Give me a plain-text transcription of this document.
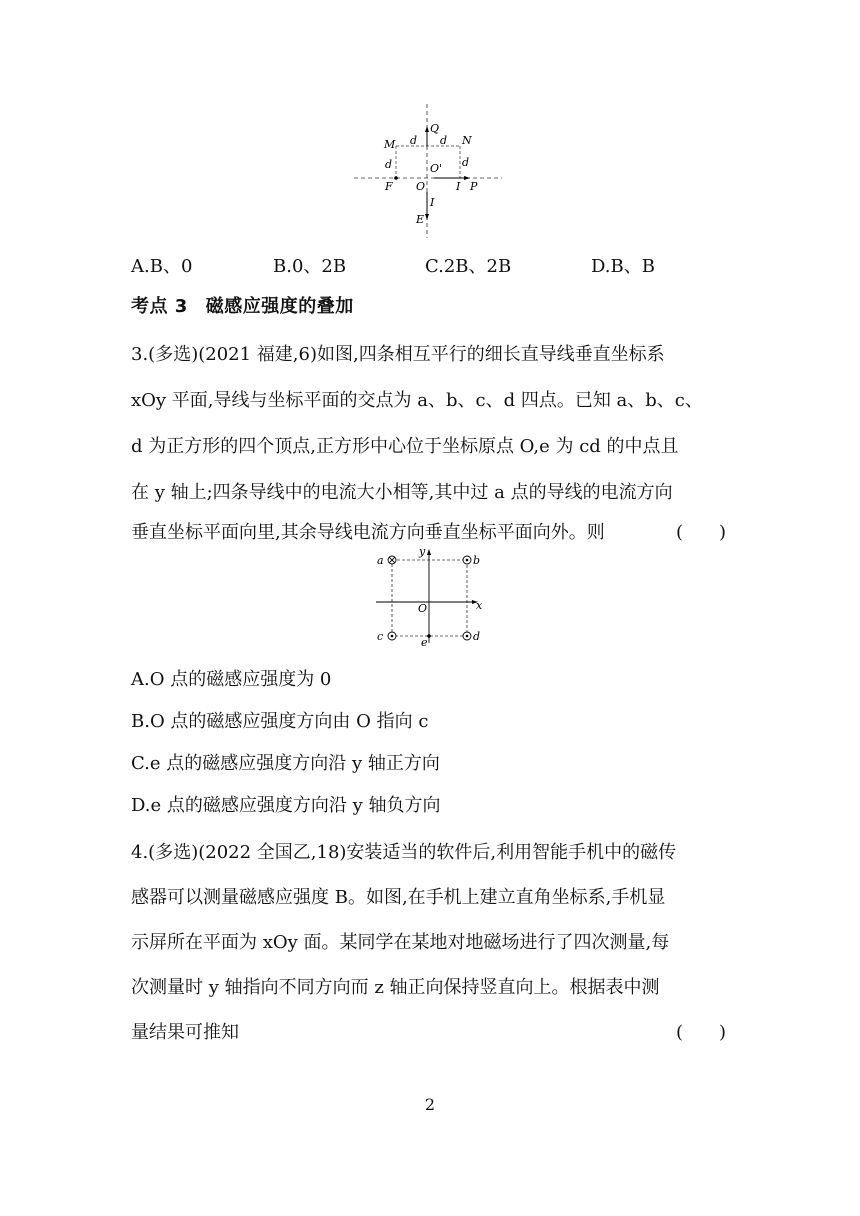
Q
M	N
d d
d	d
O'
O
F	I P
I
E
A.B、0	B.0、2B	C.2B、2B	D.B、B
考点 3 磁感应强度的叠加
3.(多选)(2021 福建,6)如图,四条相互平行的细长直导线垂直坐标系
xOy 平面,导线与坐标平面的交点为 a、b、c、d 四点。已知 a、b、c、
d 为正方形的四个顶点,正方形中心位于坐标原点 O,e 为 cd 的中点且
在 y 轴上;四条导线中的电流大小相等,其中过 a 点的导线的电流方向
垂直坐标平面向里,其余导线电流方向垂直坐标平面向外。则	(　　)
a	b
c	d
y
x
O
e
A.O 点的磁感应强度为 0
B.O 点的磁感应强度方向由 O 指向 c
C.e 点的磁感应强度方向沿 y 轴正方向
D.e 点的磁感应强度方向沿 y 轴负方向
4.(多选)(2022 全国乙,18)安装适当的软件后,利用智能手机中的磁传
感器可以测量磁感应强度 B。如图,在手机上建立直角坐标系,手机显
示屏所在平面为 xOy 面。某同学在某地对地磁场进行了四次测量,每
次测量时 y 轴指向不同方向而 z 轴正向保持竖直向上。根据表中测
量结果可推知	(　　)
2
